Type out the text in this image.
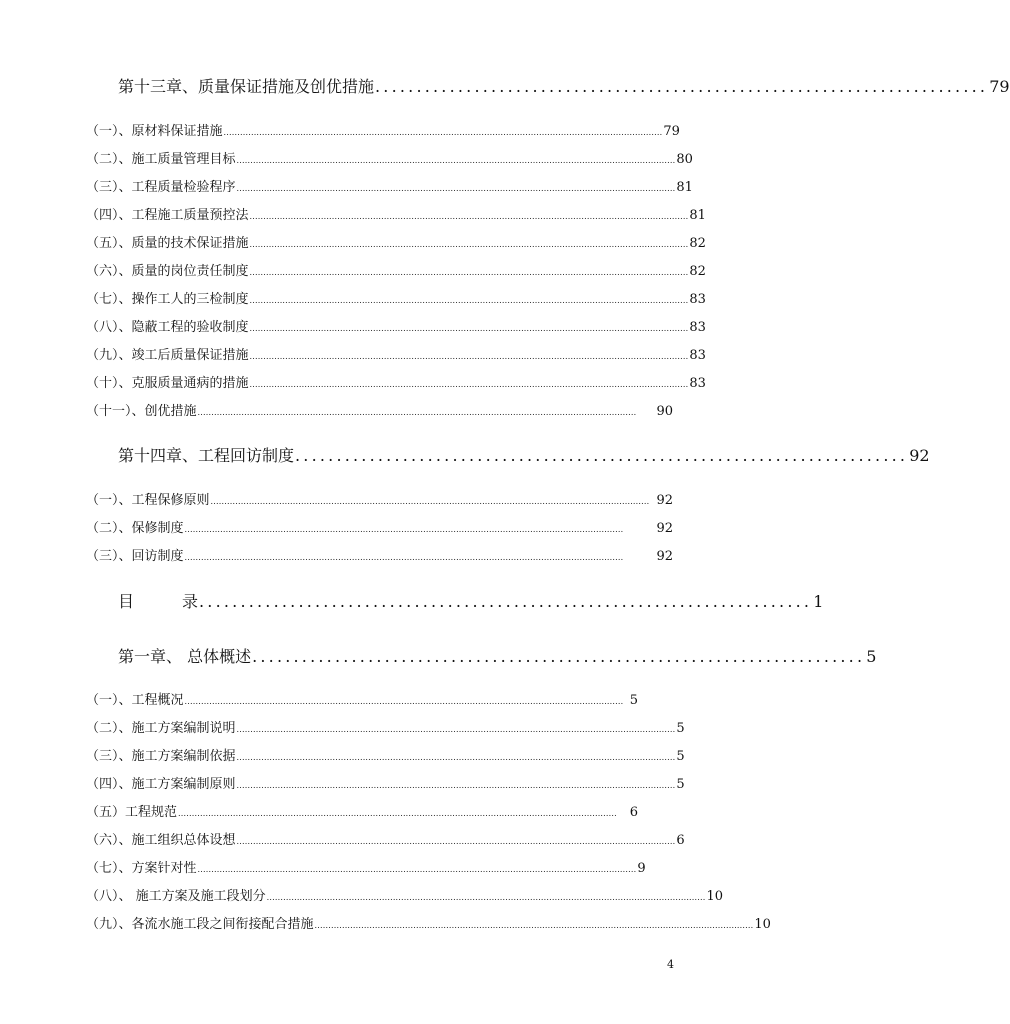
第十三章、质量保证措施及创优措施 .......................................................................... 79
（一）、原材料保证措施 ................................................................................................................................................................ 79
（二）、施工质量管理目标 ................................................................................................................................................................ 80
（三）、工程质量检验程序 ................................................................................................................................................................ 81
（四）、工程施工质量预控法 ................................................................................................................................................................ 81
（五）、质量的技术保证措施 ................................................................................................................................................................ 82
（六）、质量的岗位责任制度 ................................................................................................................................................................ 82
（七）、操作工人的三检制度 ................................................................................................................................................................ 83
（八）、隐蔽工程的验收制度 ................................................................................................................................................................ 83
（九）、竣工后质量保证措施 ................................................................................................................................................................ 83
（十）、克服质量通病的措施 ................................................................................................................................................................ 83
（十一）、创优措施 ................................................................................................................................................................	90
第十四章、工程回访制度 .......................................................................... 92
（一）、工程保修原则 ................................................................................................................................................................ 92
（二）、保修制度 ................................................................................................................................................................	92
（三）、回访制度 ................................................................................................................................................................	92
目　　　录 .......................................................................... 1
第一章、 总体概述 .......................................................................... 5
（一）、工程概况 ................................................................................................................................................................ 5
（二）、施工方案编制说明 ................................................................................................................................................................ 5
（三）、施工方案编制依据 ................................................................................................................................................................ 5
（四）、施工方案编制原则 ................................................................................................................................................................ 5
（五）工程规范 ................................................................................................................................................................ 6
（六）、施工组织总体设想 ................................................................................................................................................................ 6
（七）、方案针对性 ................................................................................................................................................................ 9
（八）、 施工方案及施工段划分 ................................................................................................................................................................ 10
（九）、各流水施工段之间衔接配合措施 ................................................................................................................................................................ 10
4
